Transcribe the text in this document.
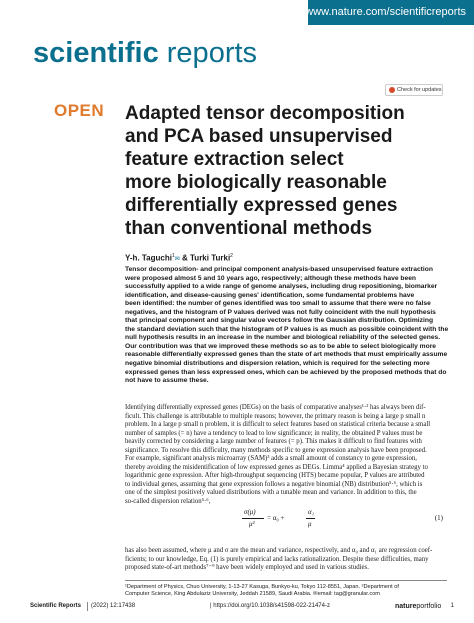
www.nature.com/scientificreports
scientific reports
Check for updates
OPEN Adapted tensor decomposition
and PCA based unsupervised
feature extraction select
more biologically reasonable
differentially expressed genes
than conventional methods
Y-h. Taguchi$^1$✉ & Turki Turki$^2$
Tensor decomposition- and principal component analysis-based unsupervised feature extraction
were proposed almost 5 and 10 years ago, respectively; although these methods have been
successfully applied to a wide range of genome analyses, including drug repositioning, biomarker
identification, and disease-causing genes' identification, some fundamental problems have
been identified: the number of genes identified was too small to assume that there were no false
negatives, and the histogram of P values derived was not fully coincident with the null hypothesis
that principal component and singular value vectors follow the Gaussian distribution. Optimizing
the standard deviation such that the histogram of P values is as much as possible coincident with the
null hypothesis results in an increase in the number and biological reliability of the selected genes.
Our contribution was that we improved these methods so as to be able to select biologically more
reasonable differentially expressed genes than the state of art methods that must empirically assume
negative binomial distributions and dispersion relation, which is required for the selecting more
expressed genes than less expressed ones, which can be achieved by the proposed methods that do
not have to assume these.
Identifying differentially expressed genes (DEGs) on the basis of comparative analyses¹·² has always been dif-
ficult. This challenge is attributable to multiple reasons; however, the primary reason is being a large p small n
problem. In a large p small n problem, it is difficult to select features based on statistical criteria because a small
number of samples (= n) have a tendency to lead to low significance; in reality, the obtained P values must be
heavily corrected by considering a large number of features (= p). This makes it difficult to find features with
significance. To resolve this difficulty, many methods specific to gene expression analysis have been proposed.
For example, significant analysis microarray (SAM)³ adds a small amount of constancy to gene expression,
thereby avoiding the misidentification of low expressed genes as DEGs. Limma⁴ applied a Bayesian strategy to
logarithmic gene expression. After high-throughput sequencing (HTS) became popular, P values are attributed
to individual genes, assuming that gene expression follows a negative binomial (NB) distribution⁵·⁶, which is
one of the simplest positively valued distributions with a tunable mean and variance. In addition to this, the
so-called dispersion relation⁵·⁶,
σ(μ)
μ²
= α₀ +
α₁
μ
(1)
has also been assumed, where μ and σ are the mean and variance, respectively, and α₀ and α₁ are regression coef-
ficients; to our knowledge, Eq. (1) is purely empirical and lacks rationalization. Despite these difficulties, many
proposed state-of-art methods⁷⁻⁹ have been widely employed and used in various studies.
¹Department of Physics, Chuo University, 1-13-27 Kasuga, Bunkyo-ku, Tokyo 112-8551, Japan. ²Department of
Computer Science, King Abdulaziz University, Jeddah 21589, Saudi Arabia. ✉email: tag@granular.com
Scientific Reports (2022) 12:17438	| https://doi.org/10.1038/s41598-022-21474-z	natureportfolio 1
